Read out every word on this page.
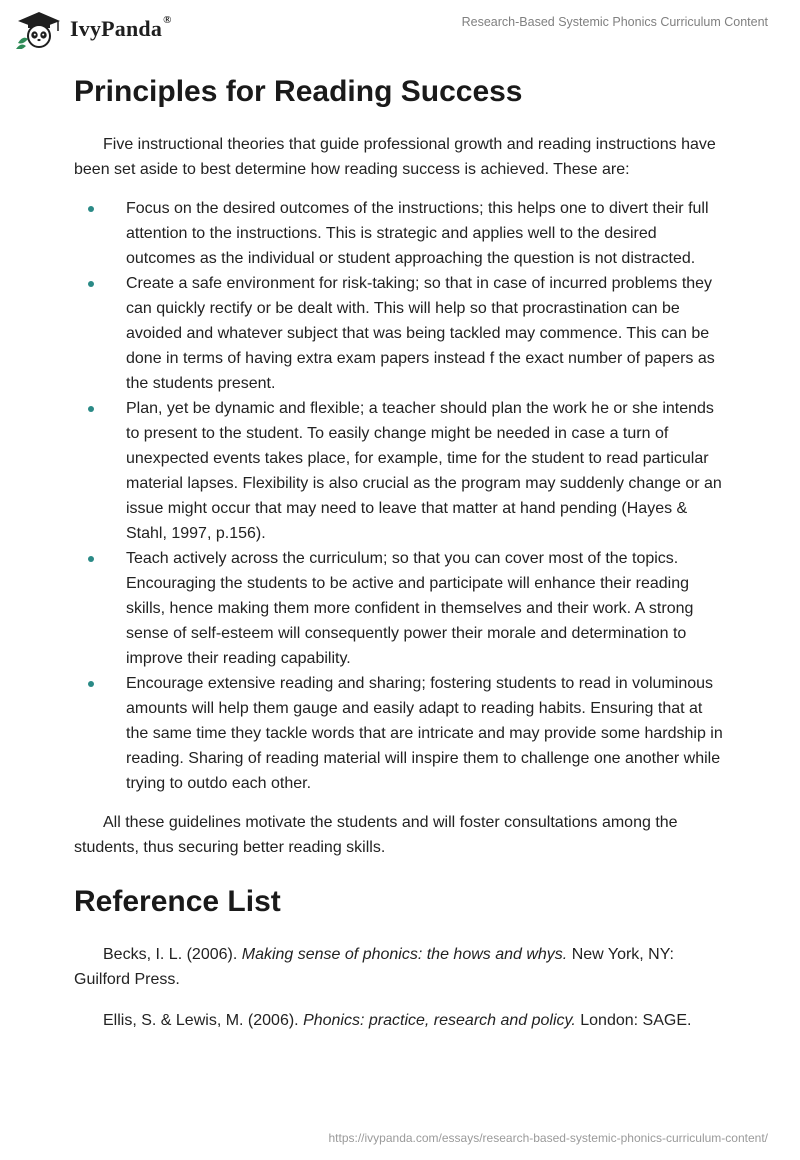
IvyPanda®	Research-Based Systemic Phonics Curriculum Content
Principles for Reading Success

Five instructional theories that guide professional growth and reading instructions have been set aside to best determine how reading success is achieved. These are:

Focus on the desired outcomes of the instructions; this helps one to divert their full attention to the instructions. This is strategic and applies well to the desired outcomes as the individual or student approaching the question is not distracted.
Create a safe environment for risk-taking; so that in case of incurred problems they can quickly rectify or be dealt with. This will help so that procrastination can be avoided and whatever subject that was being tackled may commence. This can be done in terms of having extra exam papers instead f the exact number of papers as the students present.
Plan, yet be dynamic and flexible; a teacher should plan the work he or she intends to present to the student. To easily change might be needed in case a turn of unexpected events takes place, for example, time for the student to read particular material lapses. Flexibility is also crucial as the program may suddenly change or an issue might occur that may need to leave that matter at hand pending (Hayes & Stahl, 1997, p.156).
Teach actively across the curriculum; so that you can cover most of the topics. Encouraging the students to be active and participate will enhance their reading skills, hence making them more confident in themselves and their work. A strong sense of self-esteem will consequently power their morale and determination to improve their reading capability.
Encourage extensive reading and sharing; fostering students to read in voluminous amounts will help them gauge and easily adapt to reading habits. Ensuring that at the same time they tackle words that are intricate and may provide some hardship in reading. Sharing of reading material will inspire them to challenge one another while trying to outdo each other.

All these guidelines motivate the students and will foster consultations among the students, thus securing better reading skills.

Reference List

Becks, I. L. (2006). Making sense of phonics: the hows and whys. New York, NY: Guilford Press.

Ellis, S. & Lewis, M. (2006). Phonics: practice, research and policy. London: SAGE.

https://ivypanda.com/essays/research-based-systemic-phonics-curriculum-content/
